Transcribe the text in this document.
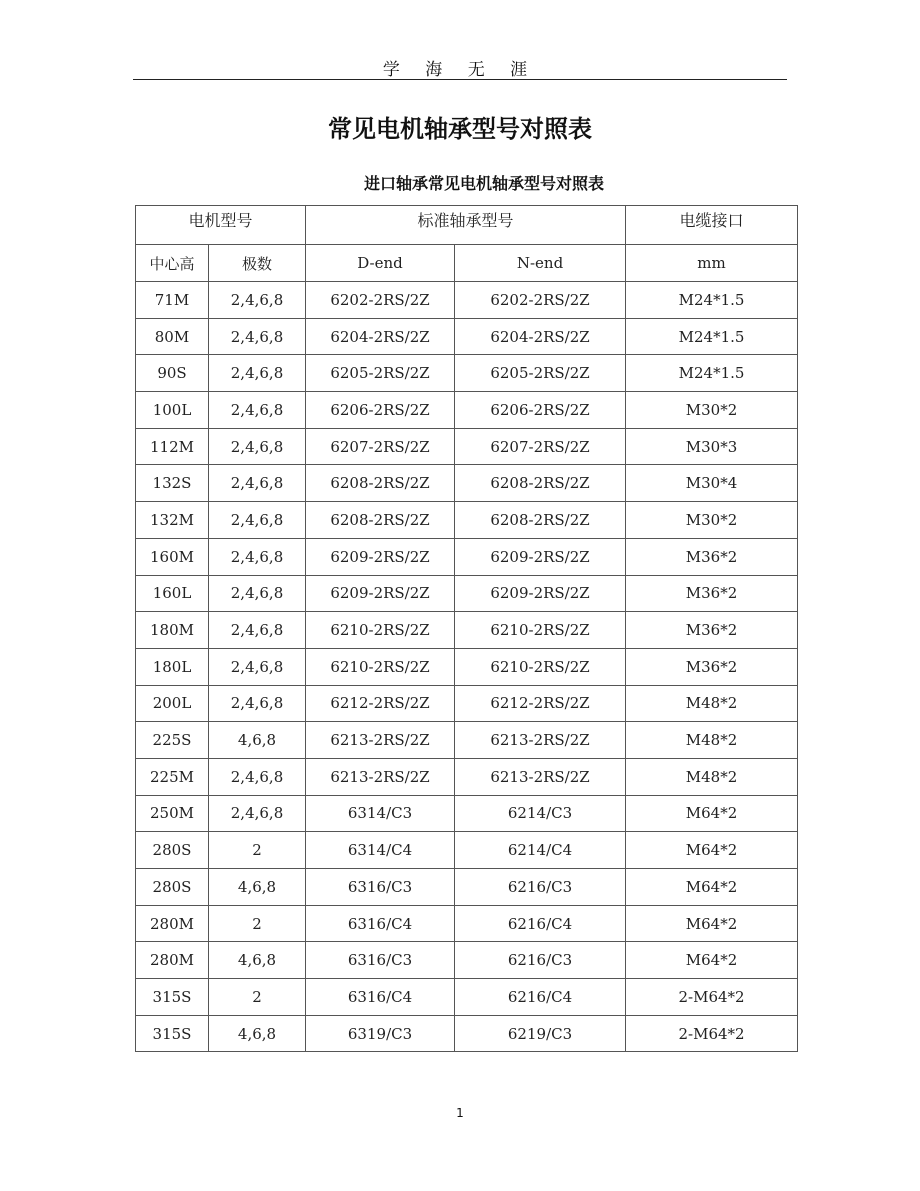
学 海 无 涯
常见电机轴承型号对照表
进口轴承常见电机轴承型号对照表
电机型号		标准轴承型号		电缆接口
中心高	极数	D-end	N-end	mm
71M	2,4,6,8	6202-2RS/2Z	6202-2RS/2Z	M24*1.5
80M	2,4,6,8	6204-2RS/2Z	6204-2RS/2Z	M24*1.5
90S	2,4,6,8	6205-2RS/2Z	6205-2RS/2Z	M24*1.5
100L	2,4,6,8	6206-2RS/2Z	6206-2RS/2Z	M30*2
112M	2,4,6,8	6207-2RS/2Z	6207-2RS/2Z	M30*3
132S	2,4,6,8	6208-2RS/2Z	6208-2RS/2Z	M30*4
132M	2,4,6,8	6208-2RS/2Z	6208-2RS/2Z	M30*2
160M	2,4,6,8	6209-2RS/2Z	6209-2RS/2Z	M36*2
160L	2,4,6,8	6209-2RS/2Z	6209-2RS/2Z	M36*2
180M	2,4,6,8	6210-2RS/2Z	6210-2RS/2Z	M36*2
180L	2,4,6,8	6210-2RS/2Z	6210-2RS/2Z	M36*2
200L	2,4,6,8	6212-2RS/2Z	6212-2RS/2Z	M48*2
225S	4,6,8	6213-2RS/2Z	6213-2RS/2Z	M48*2
225M	2,4,6,8	6213-2RS/2Z	6213-2RS/2Z	M48*2
250M	2,4,6,8	6314/C3	6214/C3	M64*2
280S	2	6314/C4	6214/C4	M64*2
280S	4,6,8	6316/C3	6216/C3	M64*2
280M	2	6316/C4	6216/C4	M64*2
280M	4,6,8	6316/C3	6216/C3	M64*2
315S	2	6316/C4	6216/C4	2-M64*2
315S	4,6,8	6319/C3	6219/C3	2-M64*2
1
